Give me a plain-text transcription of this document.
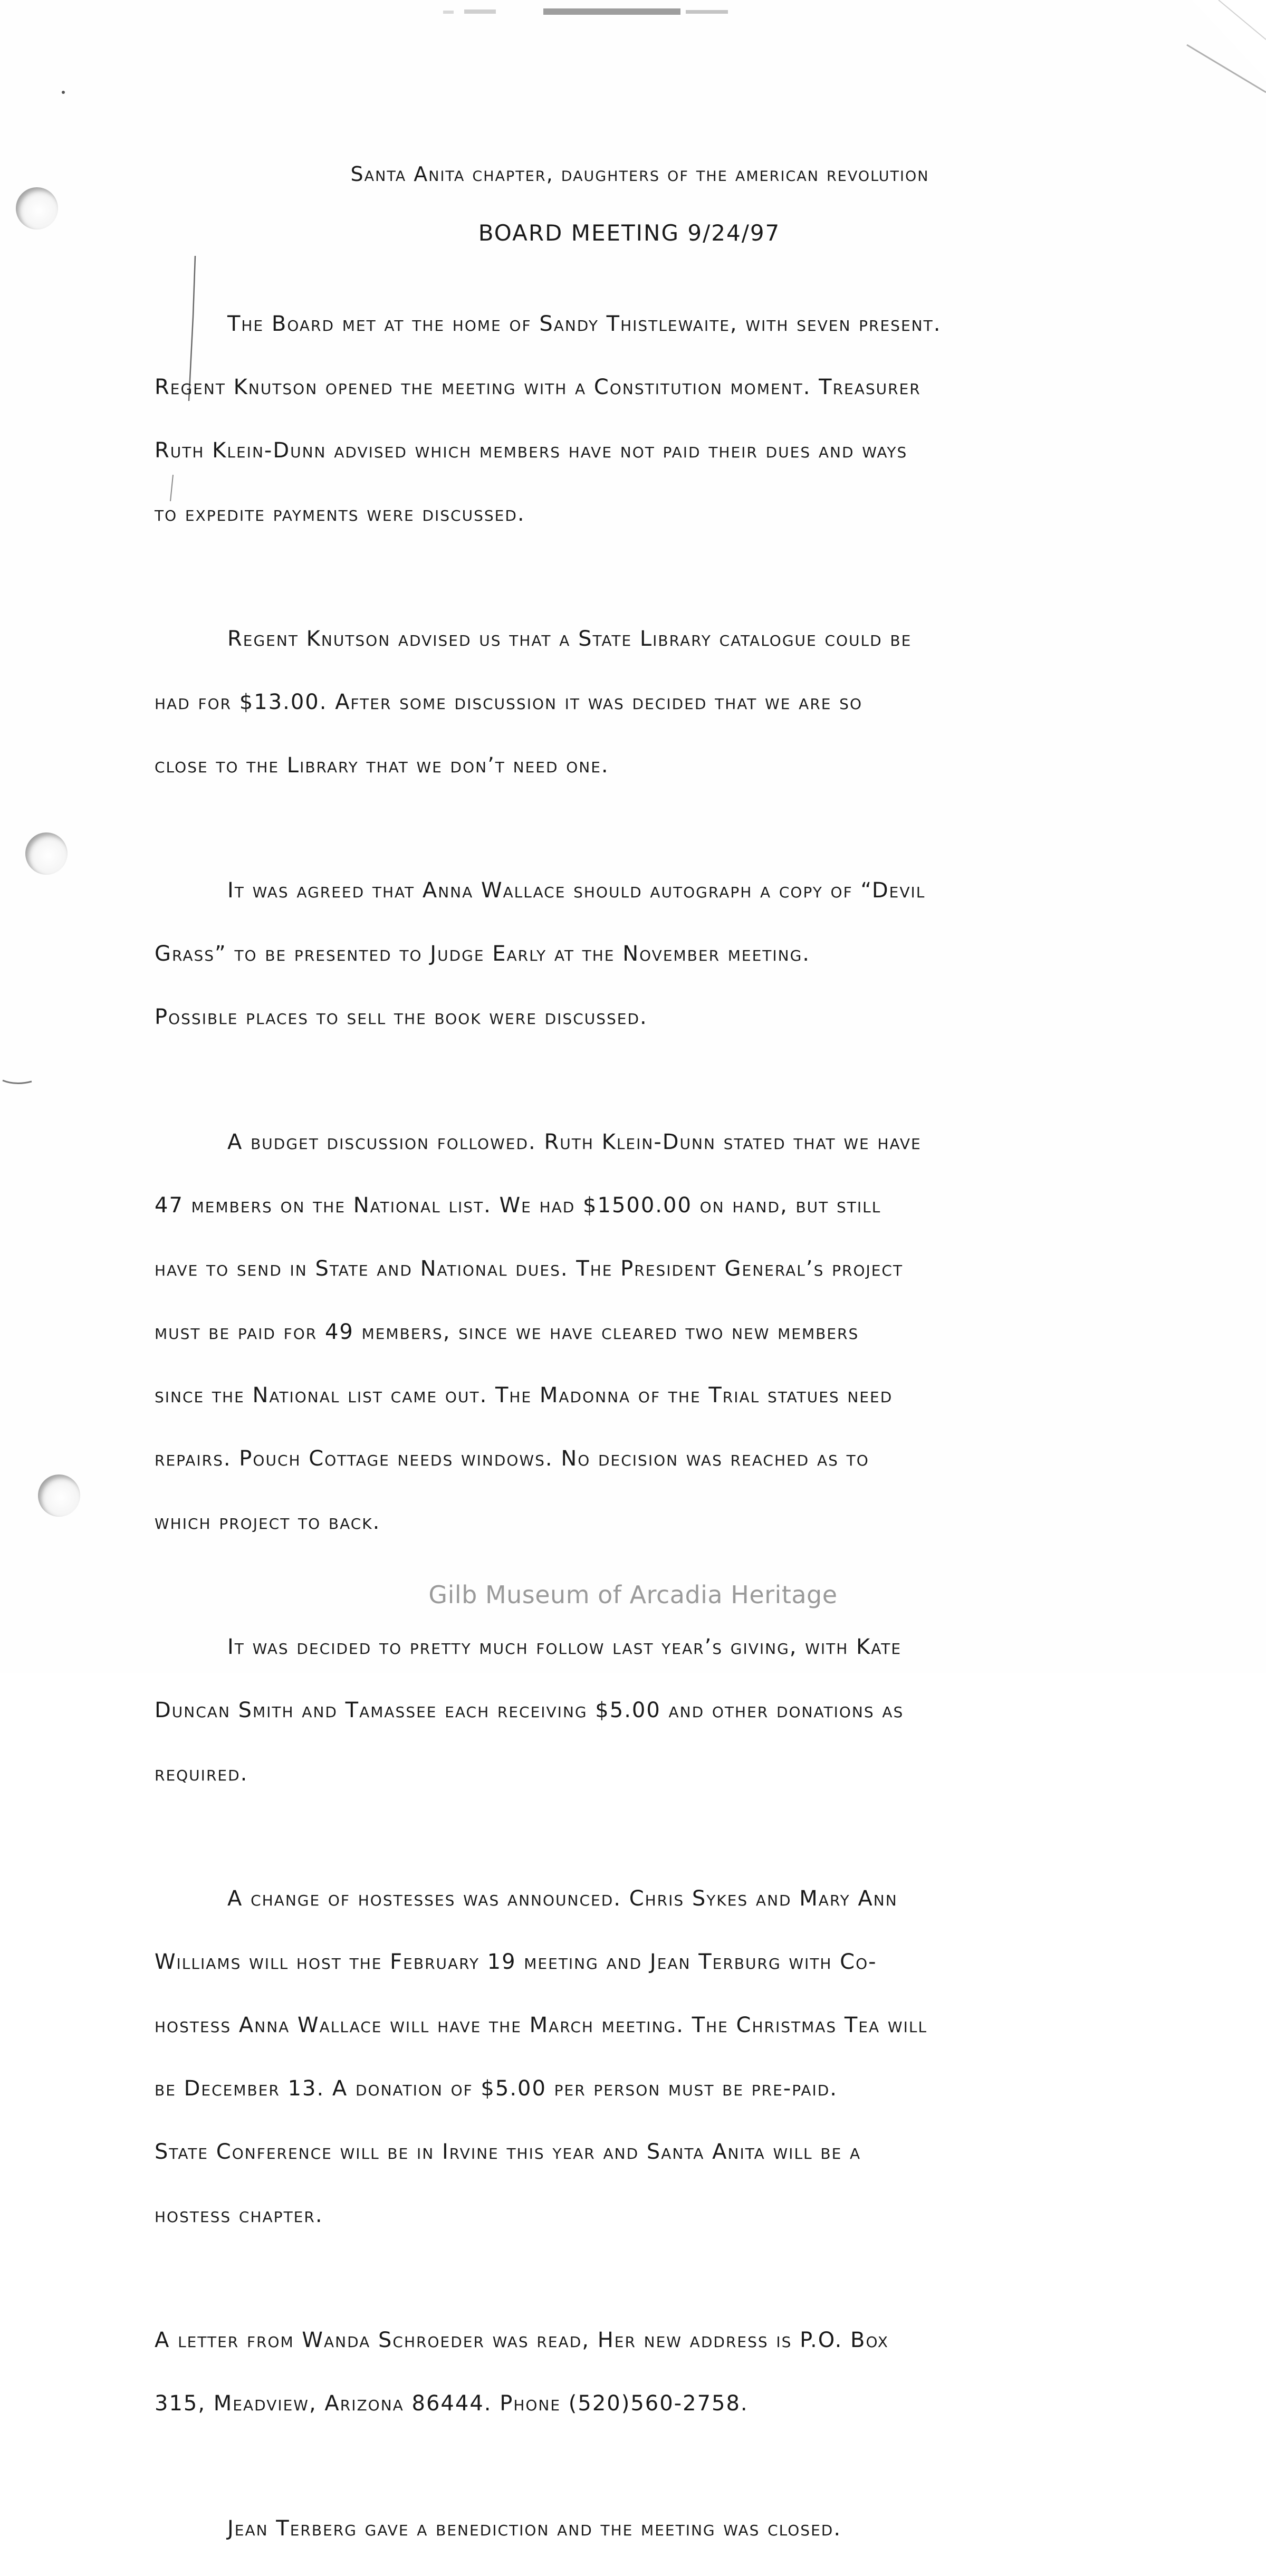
Santa Anita chapter, daughters of the american revolution
BOARD MEETING 9/24/97

The Board met at the home of Sandy Thistlewaite, with seven present.

Regent Knutson opened the meeting with a Constitution moment. Treasurer

Ruth Klein-Dunn advised which members have not paid their dues and ways

to expedite payments were discussed.

Regent Knutson advised us that a State Library catalogue could be

had for $13.00. After some discussion it was decided that we are so

close to the Library that we don’t need one.

It was agreed that Anna Wallace should autograph a copy of “Devil

Grass” to be presented to Judge Early at the November meeting.

Possible places to sell the book were discussed.

A budget discussion followed. Ruth Klein-Dunn stated that we have

47 members on the National list. We had $1500.00 on hand, but still

have to send in State and National dues. The President General’s project

must be paid for 49 members, since we have cleared two new members

since the National list came out. The Madonna of the Trial statues need

repairs. Pouch Cottage needs windows. No decision was reached as to

which project to back.

It was decided to pretty much follow last year’s giving, with Kate

Duncan Smith and Tamassee each receiving $5.00 and other donations as

required.

A change of hostesses was announced. Chris Sykes and Mary Ann

Williams will host the February 19 meeting and Jean Terburg with Co-

hostess Anna Wallace will have the March meeting. The Christmas Tea will

be December 13. A donation of $5.00 per person must be pre-paid.

State Conference will be in Irvine this year and Santa Anita will be a

hostess chapter.

A letter from Wanda Schroeder was read, Her new address is P.O. Box

315, Meadview, Arizona 86444. Phone (520)560-2758.

Jean Terberg gave a benediction and the meeting was closed.

Gilb Museum of Arcadia Heritage
